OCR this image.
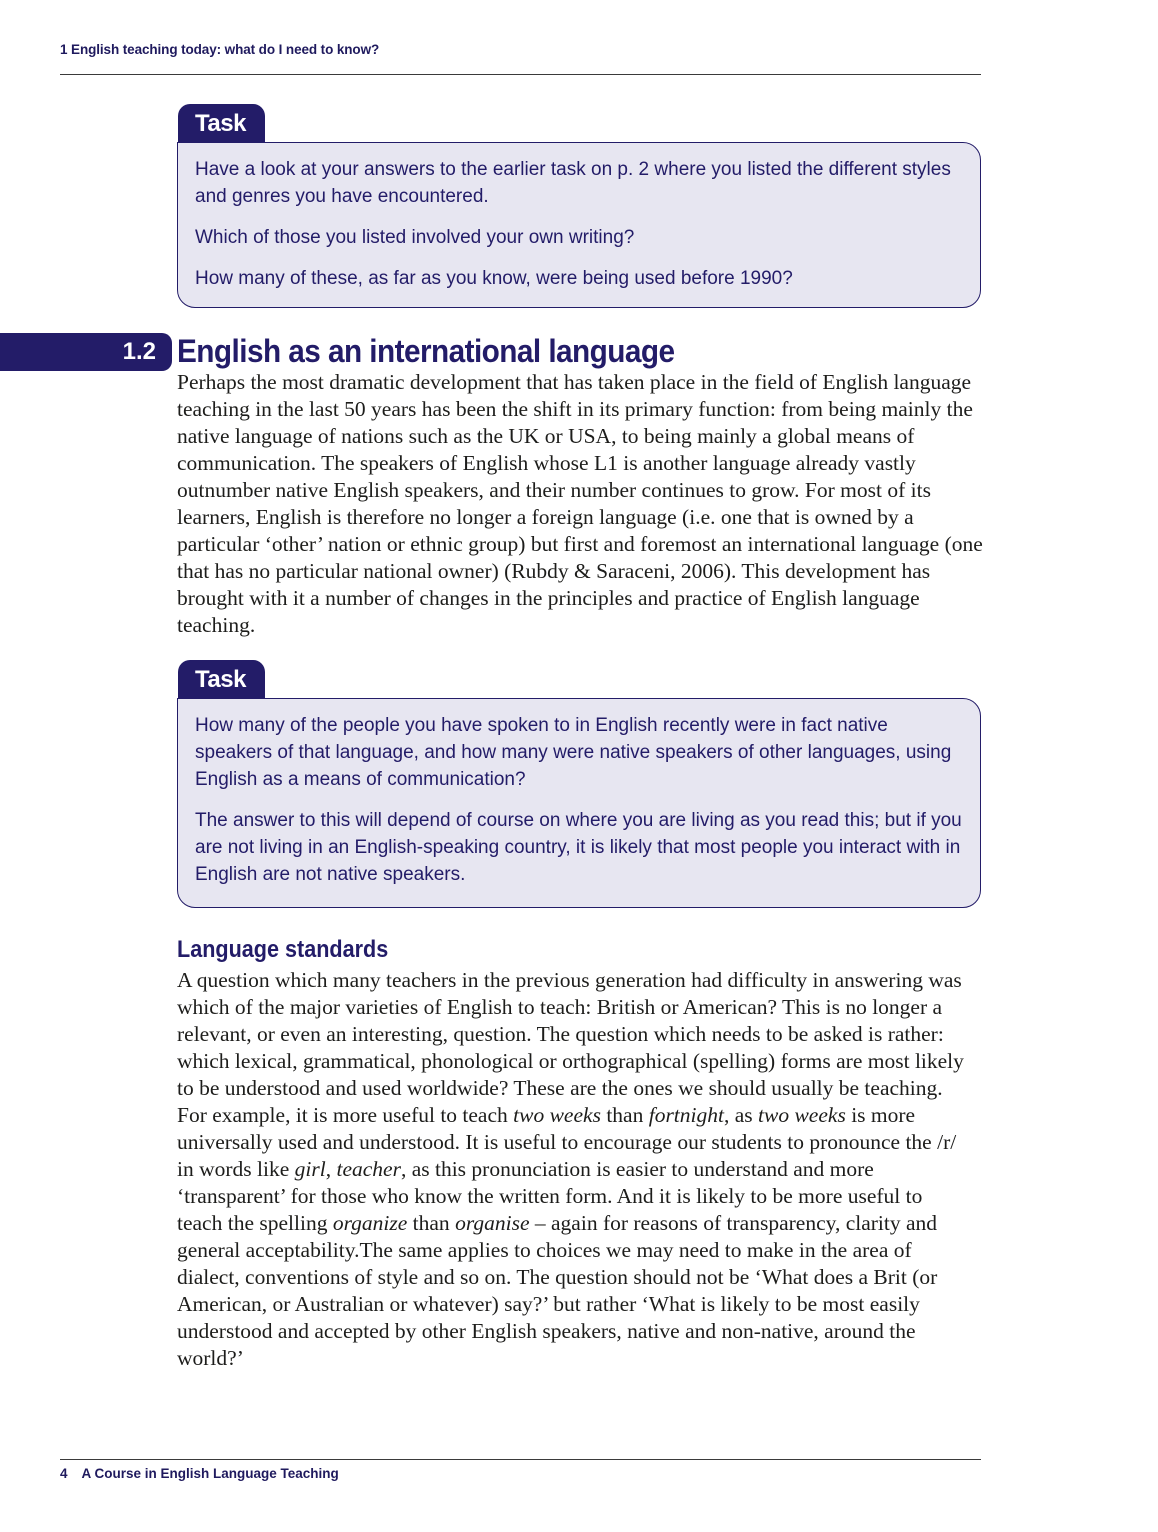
1 English teaching today: what do I need to know?
Task

Have a look at your answers to the earlier task on p. 2 where you listed the different styles and genres you have encountered.

Which of those you listed involved your own writing?

How many of these, as far as you know, were being used before 1990?

1.2 English as an international language

Perhaps the most dramatic development that has taken place in the field of English language teaching in the last 50 years has been the shift in its primary function: from being mainly the native language of nations such as the UK or USA, to being mainly a global means of communication. The speakers of English whose L1 is another language already vastly outnumber native English speakers, and their number continues to grow. For most of its learners, English is therefore no longer a foreign language (i.e. one that is owned by a particular ‘other’ nation or ethnic group) but first and foremost an international language (one that has no particular national owner) (Rubdy & Saraceni, 2006). This development has brought with it a number of changes in the principles and practice of English language teaching.

Task

How many of the people you have spoken to in English recently were in fact native speakers of that language, and how many were native speakers of other languages, using English as a means of communication?

The answer to this will depend of course on where you are living as you read this; but if you are not living in an English-speaking country, it is likely that most people you interact with in English are not native speakers.

Language standards

A question which many teachers in the previous generation had difficulty in answering was which of the major varieties of English to teach: British or American? This is no longer a relevant, or even an interesting, question. The question which needs to be asked is rather: which lexical, grammatical, phonological or orthographical (spelling) forms are most likely to be understood and used worldwide? These are the ones we should usually be teaching. For example, it is more useful to teach two weeks than fortnight, as two weeks is more universally used and understood. It is useful to encourage our students to pronounce the /r/ in words like girl, teacher, as this pronunciation is easier to understand and more ‘transparent’ for those who know the written form. And it is likely to be more useful to teach the spelling organize than organise – again for reasons of transparency, clarity and general acceptability.The same applies to choices we may need to make in the area of dialect, conventions of style and so on. The question should not be ‘What does a Brit (or American, or Australian or whatever) say?’ but rather ‘What is likely to be most easily understood and accepted by other English speakers, native and non-native, around the world?’

4 A Course in English Language Teaching
